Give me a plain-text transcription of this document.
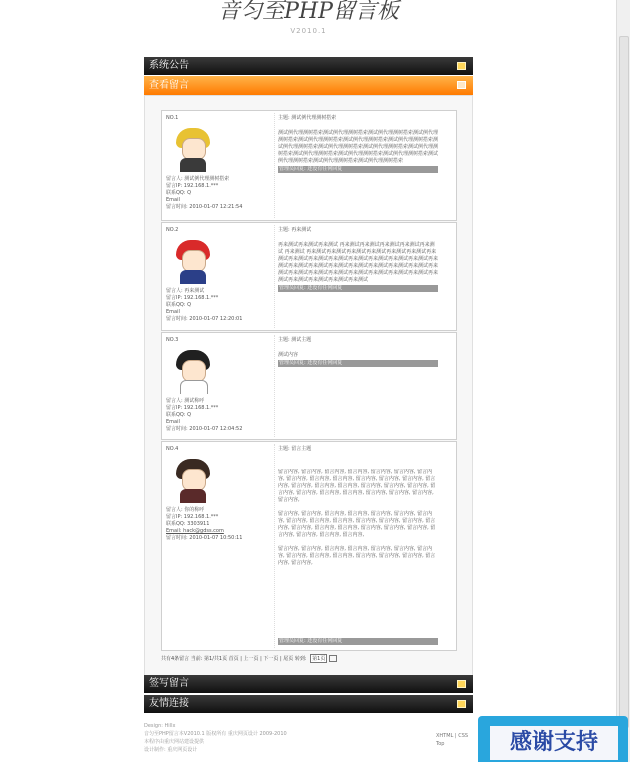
音匀至PHP留言板
V2010.1
系统公告
查看留言
NO.1
留言人: 测试例代理测树搭索
留言IP: 192.168.1.***
联系QQ: Q
Email
留言时间: 2010-01-07 12:21:54
主题: 测试例代理测树搭索
测试例代理测树搭索测试例代理测树搭索测试例代理测树搭索测试例代理测树搭索测试例代理测树搭索测试例代理测树搭索测试例代理测树搭索测试例代理测树搭索测试例代理测树搭索测试例代理测树搭索测试例代理测树搭索测试例代理测树搭索测试例代理测树搭索测试例代理测树搭索测试例代理测树搭索测试例代理测树搭索测试例代理测树搭索
管理员回复: 还没有任何回复
NO.2
留言人: 再来测试
留言IP: 192.168.1.***
联系QQ: Q
Email
留言时间: 2010-01-07 12:20:01
主题: 再来测试
再来测试再来测试再来测试 再来测试再来测试再来测试再来测试再来测试 再来测试 再来测试再来测试再来测试再来测试再来测试再来测试再来测试再来测试再来测试再来测试再来测试再来测试再来测试再来测试再来测试再来测试再来测试再来测试再来测试再来测试再来测试再来测试再来测试再来测试再来测试再来测试再来测试再来测试再来测试再来测试再来测试再来测试再来测试再来测试再来测试
管理员回复: 还没有任何回复
NO.3
留言人: 测试称呼
留言IP: 192.168.1.***
联系QQ: Q
Email
留言时间: 2010-01-07 12:04:52
主题: 测试主题
测试内容
管理员回复: 还没有任何回复
NO.4
留言人: 你的称呼
留言IP: 192.168.1.***
联系QQ: 3303911
Email: hack@gdss.com
留言时间: 2010-01-07 10:50:11
主题: 留言主题
留言内容, 留言内容, 留言内容, 留言内容, 留言内容, 留言内容, 留言内容, 留言内容, 留言内容, 留言内容, 留言内容, 留言内容, 留言内容, 留言内容, 留言内容, 留言内容, 留言内容, 留言内容, 留言内容, 留言内容, 留言内容, 留言内容, 留言内容, 留言内容, 留言内容, 留言内容, 留言内容, 留言内容,

留言内容, 留言内容, 留言内容, 留言内容, 留言内容, 留言内容, 留言内容, 留言内容, 留言内容, 留言内容, 留言内容, 留言内容, 留言内容, 留言内容, 留言内容, 留言内容, 留言内容, 留言内容, 留言内容, 留言内容, 留言内容, 留言内容, 留言内容, 留言内容,

留言内容, 留言内容, 留言内容, 留言内容, 留言内容, 留言内容, 留言内容, 留言内容, 留言内容, 留言内容, 留言内容, 留言内容, 留言内容, 留言内容, 留言内容,
管理员回复: 还没有任何回复
共有4条留言 当前: 第1/共1页 首页 | 上一页 | 下一页 | 尾页 转到: 第1页
签写留言
友情连接
Design: Hillx
音匀至PHP留言本V2010.1 版权所有 重庆网页设计 2009-2010
本程序由重庆网站建设提供
设计制作: 重庆网页设计
XHTML | CSS
Top	感谢支持
